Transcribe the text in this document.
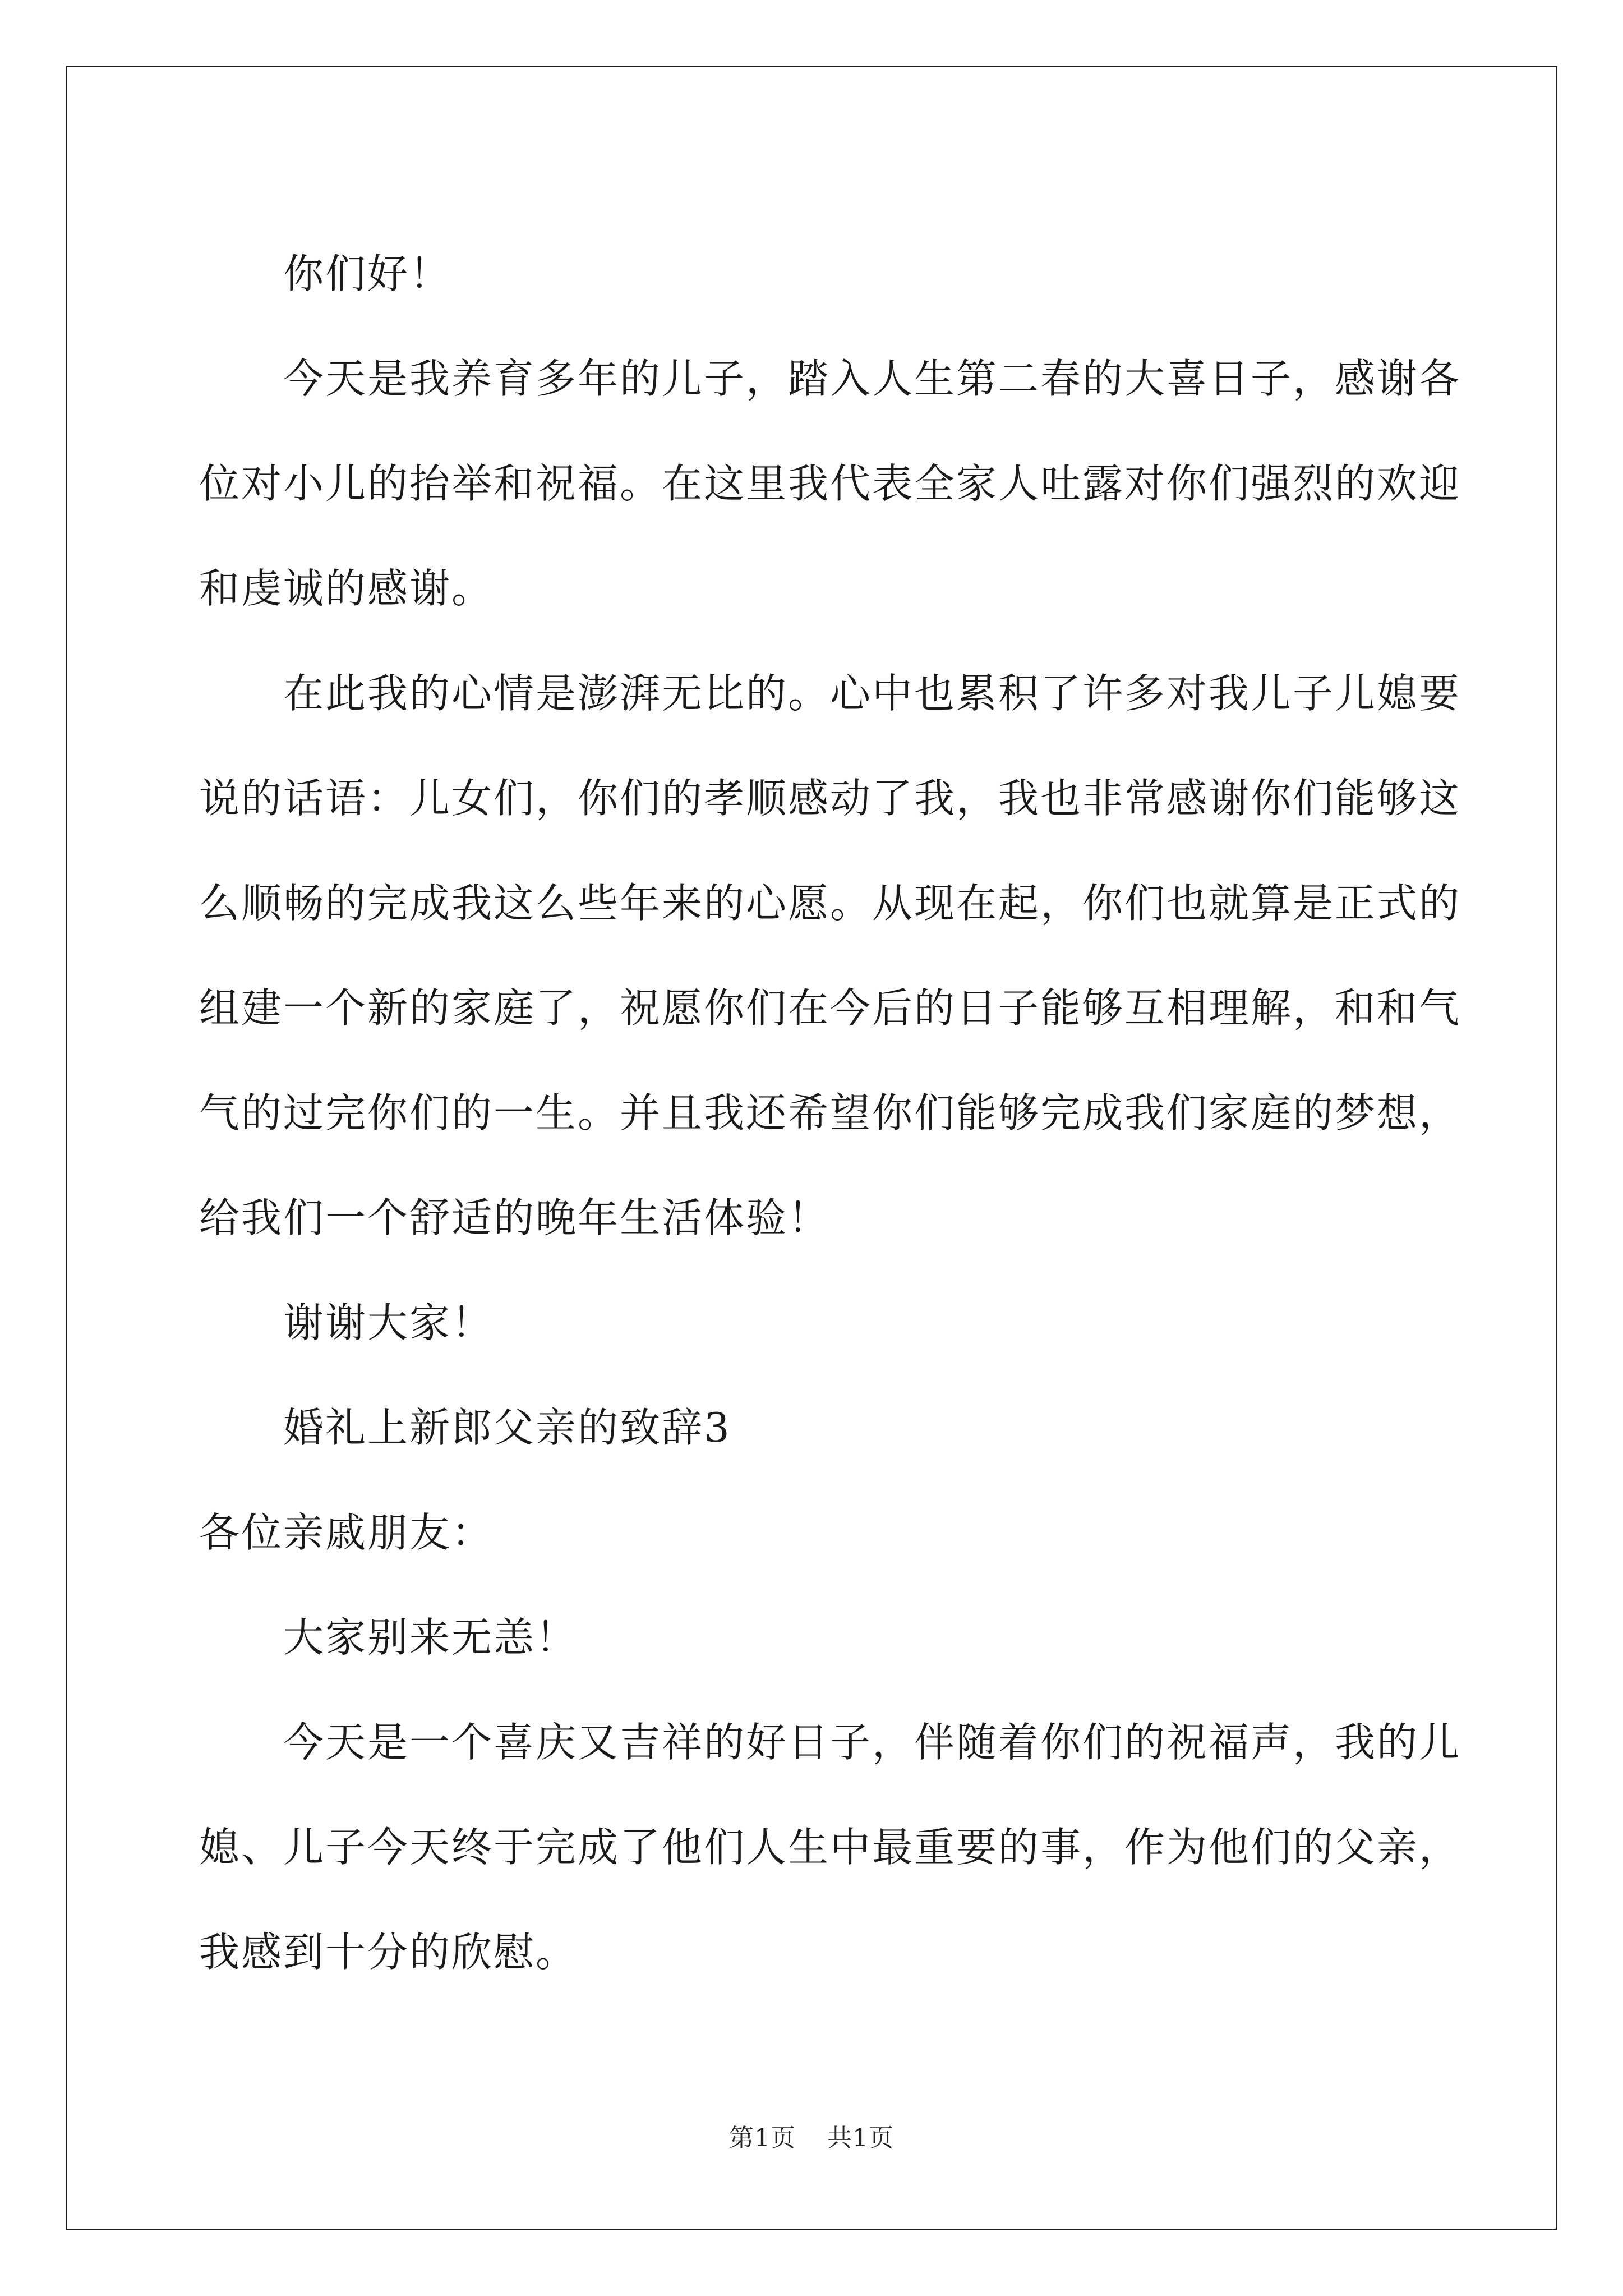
你们好！

今天是我养育多年的儿子，踏入人生第二春的大喜日子，感谢各

位对小儿的抬举和祝福。在这里我代表全家人吐露对你们强烈的欢迎

和虔诚的感谢。

在此我的心情是澎湃无比的。心中也累积了许多对我儿子儿媳要

说的话语：儿女们，你们的孝顺感动了我，我也非常感谢你们能够这

么顺畅的完成我这么些年来的心愿。从现在起，你们也就算是正式的

组建一个新的家庭了，祝愿你们在今后的日子能够互相理解，和和气

气的过完你们的一生。并且我还希望你们能够完成我们家庭的梦想，

给我们一个舒适的晚年生活体验！

谢谢大家！

婚礼上新郎父亲的致辞3

各位亲戚朋友：

大家别来无恙！

今天是一个喜庆又吉祥的好日子，伴随着你们的祝福声，我的儿

媳、儿子今天终于完成了他们人生中最重要的事，作为他们的父亲，

我感到十分的欣慰。

第1页 共1页
